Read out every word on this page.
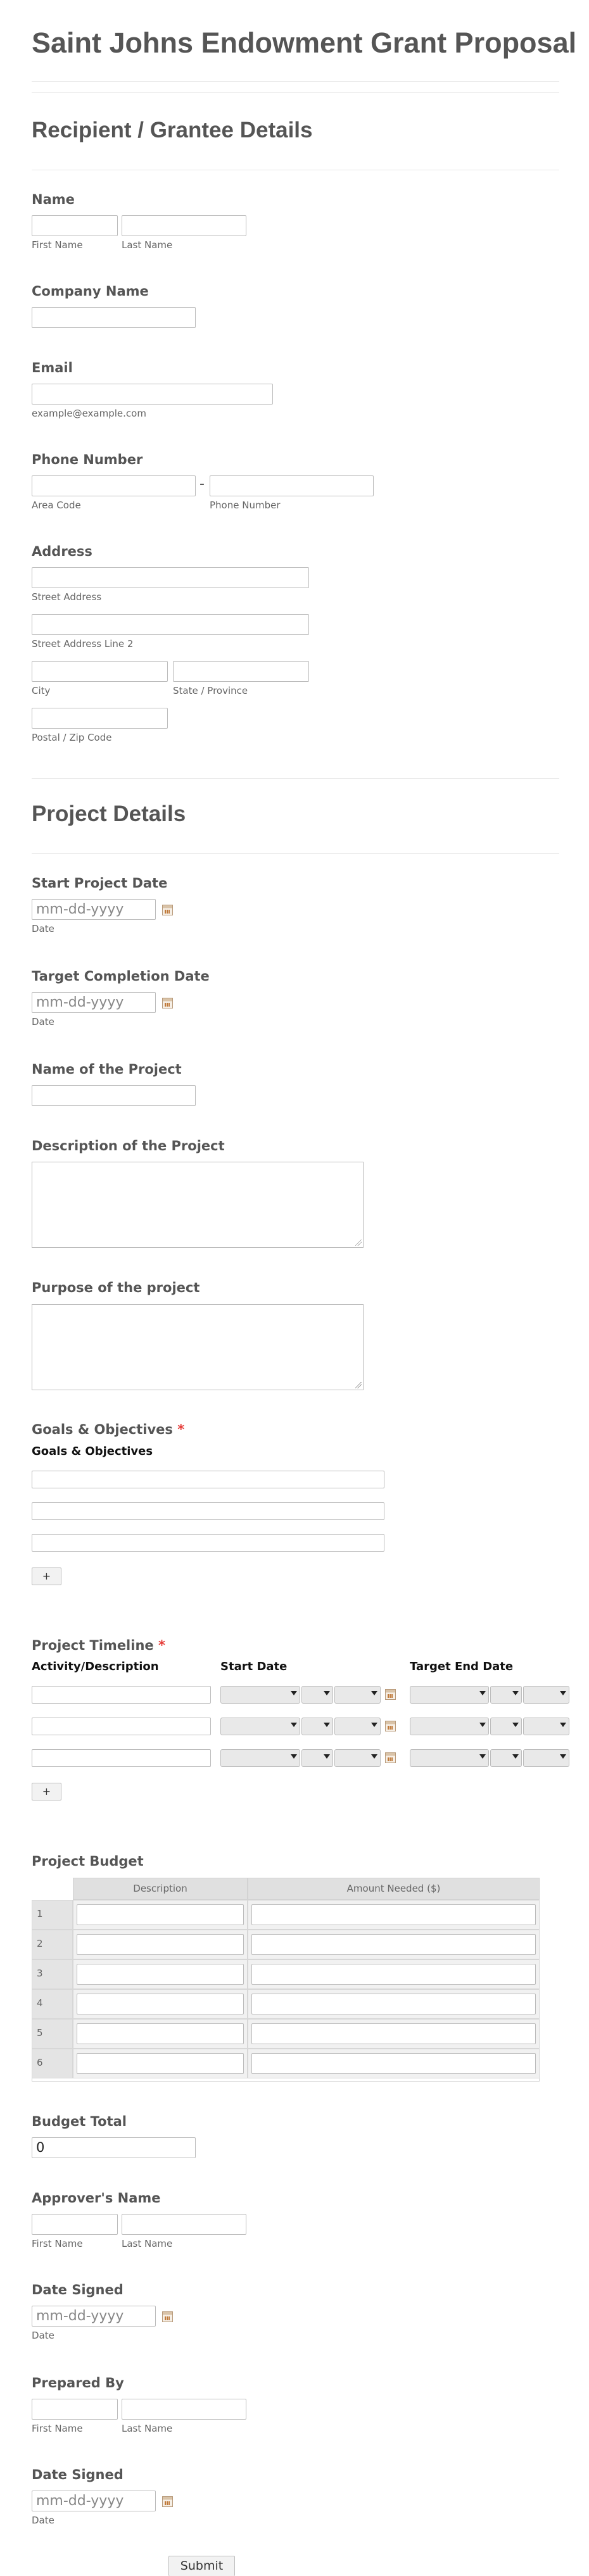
Saint Johns Endowment Grant Proposal
Recipient / Grantee Details
Name
First Name	Last Name
Company Name
Email
example@example.com
Phone Number
-
Area Code	Phone Number
Address
Street Address
Street Address Line 2
City	State / Province
Postal / Zip Code
Project Details
Start Project Date
mm-dd-yyyy
Date
Target Completion Date
mm-dd-yyyy
Date
Name of the Project
Description of the Project
Purpose of the project
Goals & Objectives *
Goals & Objectives
+
Project Timeline *
Activity/Description	Start Date	Target End Date
+
Project Budget
Description	Amount Needed ($)
1
2
3
4
5
6
Budget Total
0
Approver's Name
First Name	Last Name
Date Signed
mm-dd-yyyy
Date
Prepared By
First Name	Last Name
Date Signed
mm-dd-yyyy
Date
Submit
